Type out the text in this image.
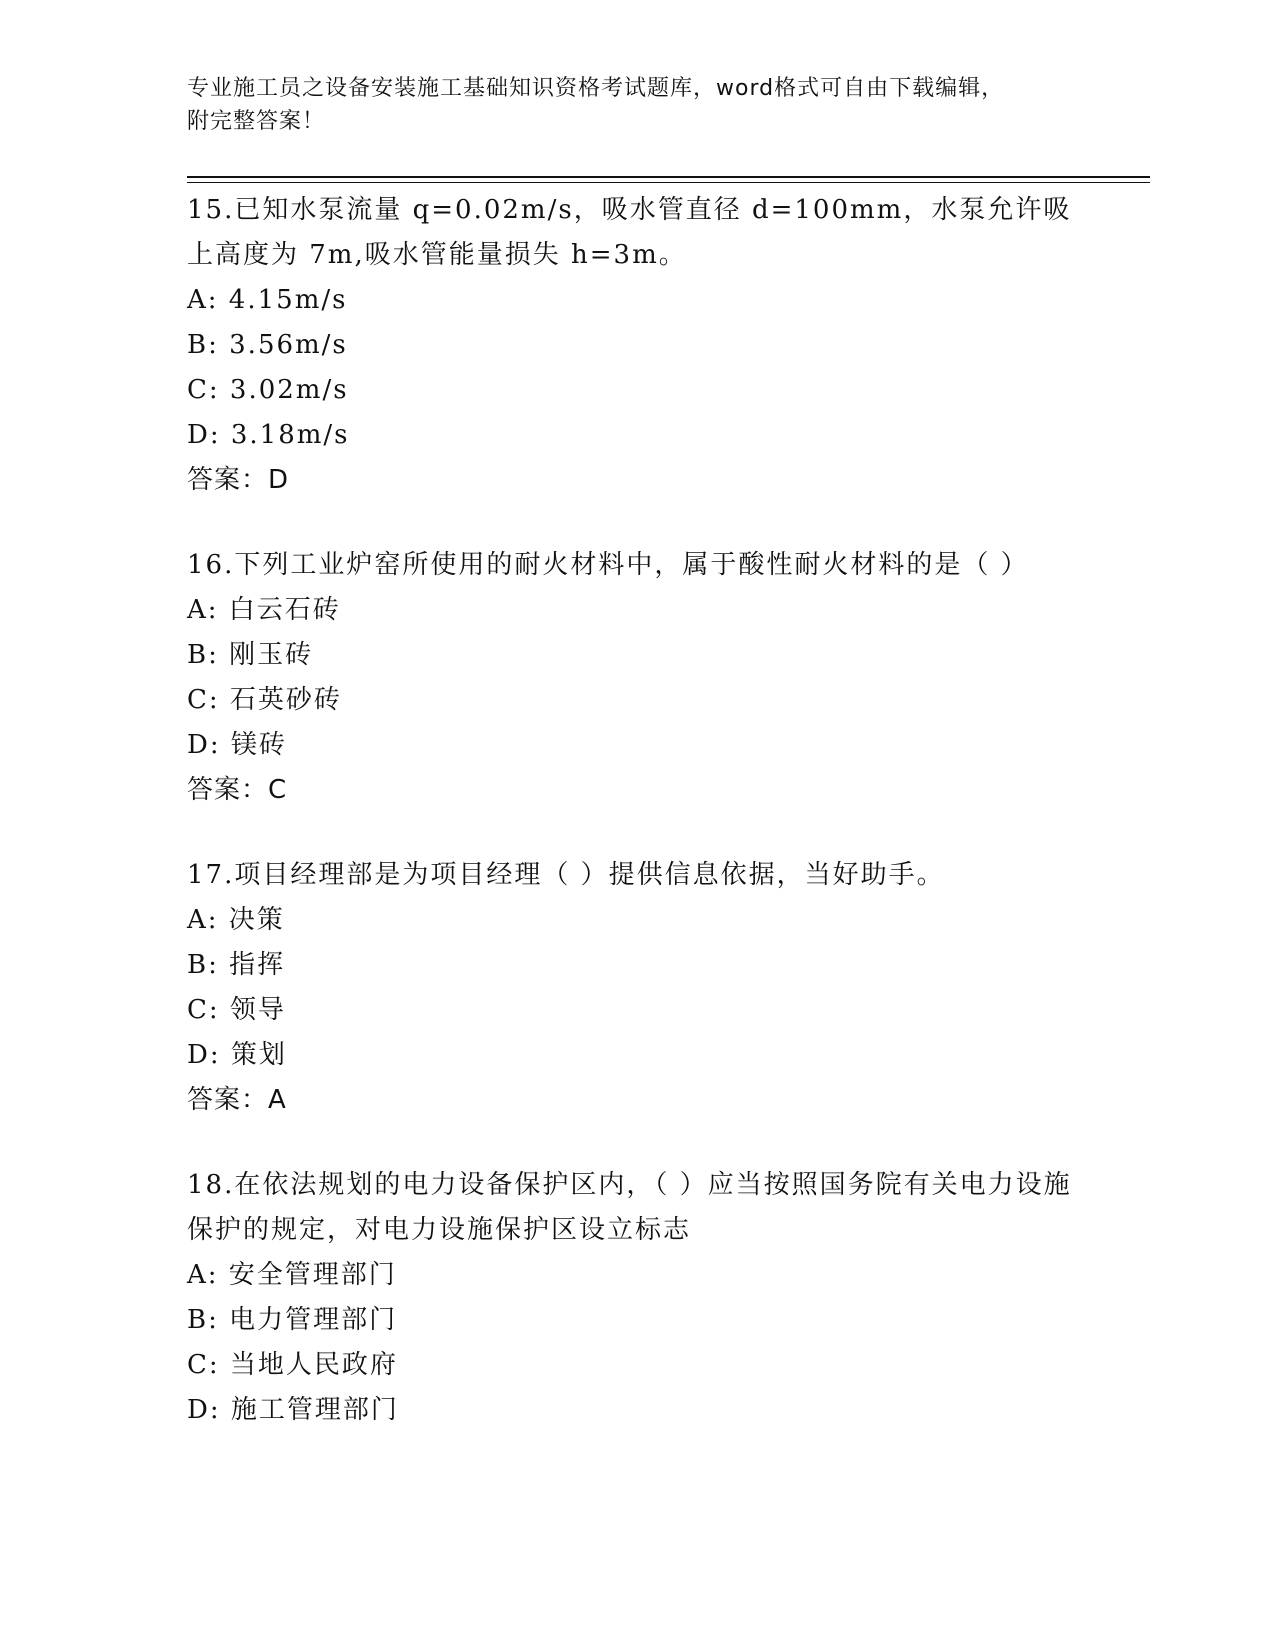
专业施工员之设备安装施工基础知识资格考试题库，word格式可自由下载编辑，
附完整答案！
15.已知水泵流量 q=0.02m/s，吸水管直径 d=100mm，水泵允许吸上高度为 7m,吸水管能量损失 h=3m。
A: 4.15m/s
B: 3.56m/s
C: 3.02m/s
D: 3.18m/s
答案：D
16.下列工业炉窑所使用的耐火材料中，属于酸性耐火材料的是（ ）
A: 白云石砖
B: 刚玉砖
C: 石英砂砖
D: 镁砖
答案：C
17.项目经理部是为项目经理（ ）提供信息依据，当好助手。
A: 决策
B: 指挥
C: 领导
D: 策划
答案：A
18.在依法规划的电力设备保护区内，（ ）应当按照国务院有关电力设施保护的规定，对电力设施保护区设立标志
A: 安全管理部门
B: 电力管理部门
C: 当地人民政府
D: 施工管理部门
